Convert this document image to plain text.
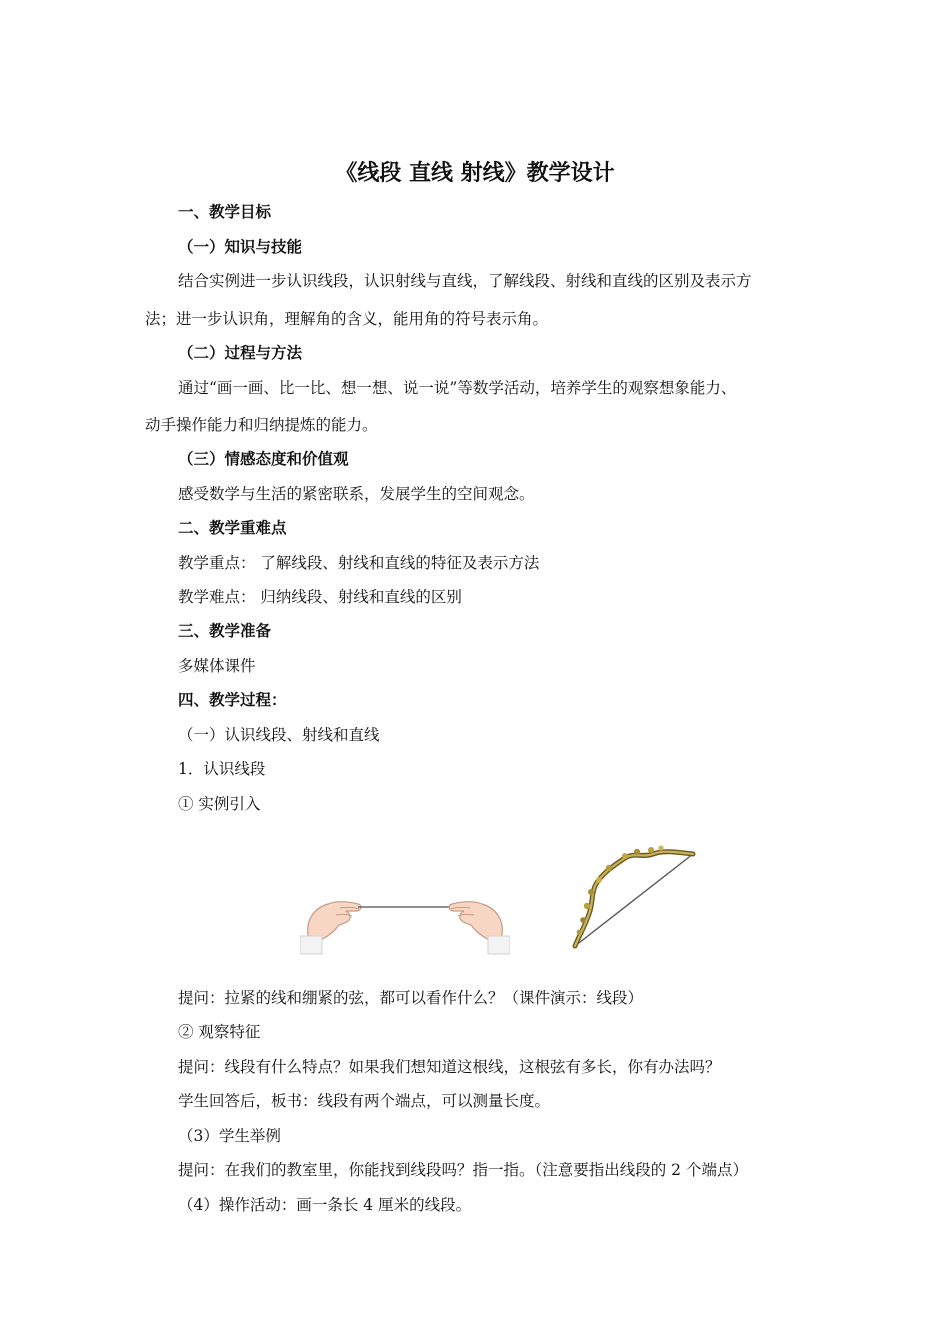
《线段 直线 射线》教学设计
一、教学目标
（一）知识与技能
结合实例进一步认识线段，认识射线与直线，了解线段、射线和直线的区别及表示方
法；进一步认识角，理解角的含义，能用角的符号表示角。
（二）过程与方法
通过“画一画、比一比、想一想、说一说”等数学活动，培养学生的观察想象能力、
动手操作能力和归纳提炼的能力。
（三）情感态度和价值观
感受数学与生活的紧密联系，发展学生的空间观念。
二、教学重难点
教学重点： 了解线段、射线和直线的特征及表示方法
教学难点： 归纳线段、射线和直线的区别
三、教学准备
多媒体课件
四、教学过程：
（一）认识线段、射线和直线
1．认识线段
① 实例引入
提问：拉紧的线和绷紧的弦，都可以看作什么？（课件演示：线段）
② 观察特征
提问：线段有什么特点？如果我们想知道这根线，这根弦有多长，你有办法吗？
学生回答后，板书：线段有两个端点，可以测量长度。
（3）学生举例
提问：在我们的教室里，你能找到线段吗？指一指。（注意要指出线段的 2 个端点）
（4）操作活动：画一条长 4 厘米的线段。
